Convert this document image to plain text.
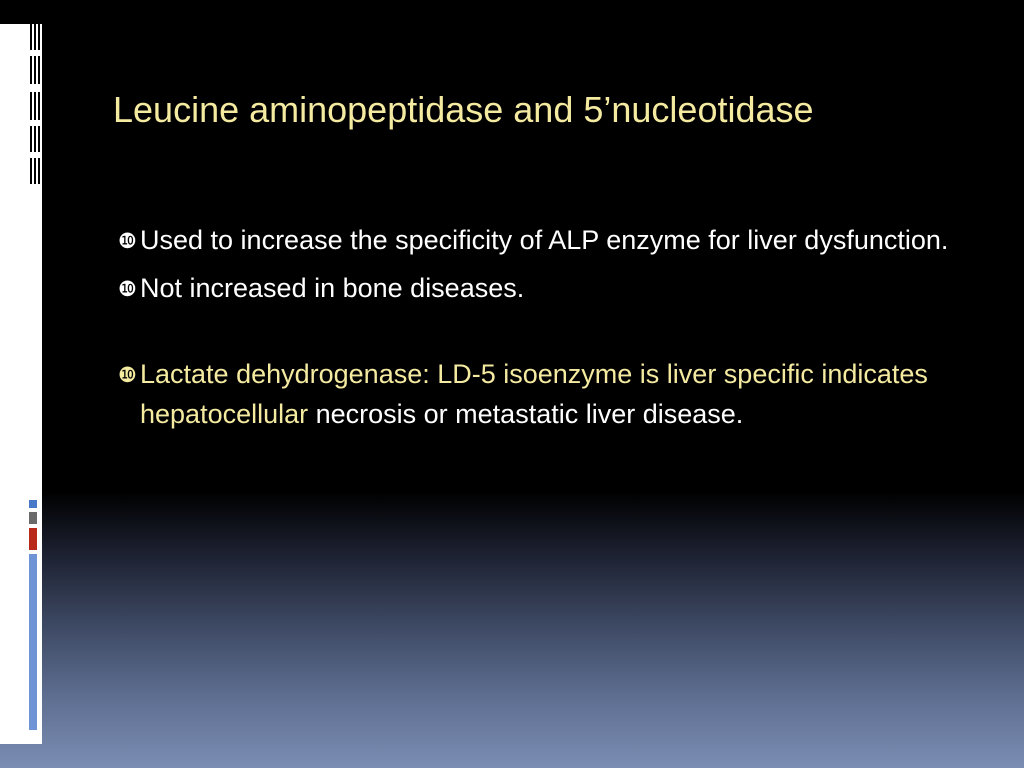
Leucine aminopeptidase and 5’nucleotidase
❿ Used to increase the specificity of ALP enzyme for liver dysfunction.
❿ Not increased in bone diseases.
❿ Lactate dehydrogenase: LD-5 isoenzyme is liver specific indicates hepatocellular necrosis or metastatic liver disease.
